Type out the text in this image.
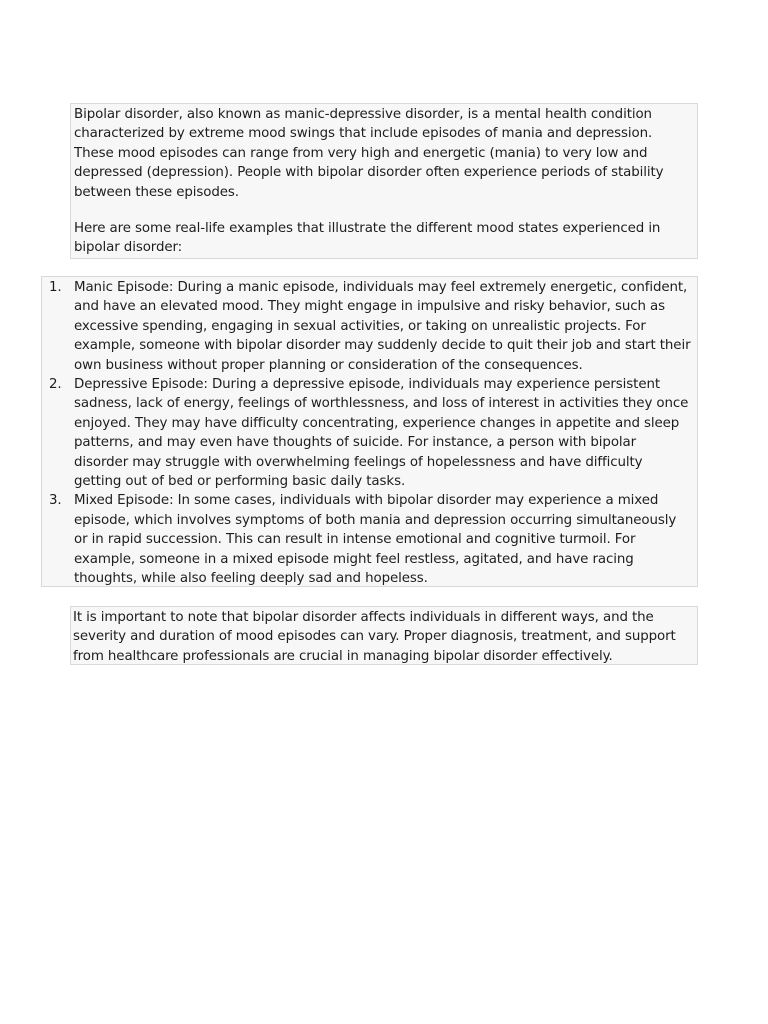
Bipolar disorder, also known as manic-depressive disorder, is a mental health condition characterized by extreme mood swings that include episodes of mania and depression. These mood episodes can range from very high and energetic (mania) to very low and depressed (depression). People with bipolar disorder often experience periods of stability between these episodes.

Here are some real-life examples that illustrate the different mood states experienced in bipolar disorder:

1. Manic Episode: During a manic episode, individuals may feel extremely energetic, confident, and have an elevated mood. They might engage in impulsive and risky behavior, such as excessive spending, engaging in sexual activities, or taking on unrealistic projects. For example, someone with bipolar disorder may suddenly decide to quit their job and start their own business without proper planning or consideration of the consequences.
2. Depressive Episode: During a depressive episode, individuals may experience persistent sadness, lack of energy, feelings of worthlessness, and loss of interest in activities they once enjoyed. They may have difficulty concentrating, experience changes in appetite and sleep patterns, and may even have thoughts of suicide. For instance, a person with bipolar disorder may struggle with overwhelming feelings of hopelessness and have difficulty getting out of bed or performing basic daily tasks.
3. Mixed Episode: In some cases, individuals with bipolar disorder may experience a mixed episode, which involves symptoms of both mania and depression occurring simultaneously or in rapid succession. This can result in intense emotional and cognitive turmoil. For example, someone in a mixed episode might feel restless, agitated, and have racing thoughts, while also feeling deeply sad and hopeless.

It is important to note that bipolar disorder affects individuals in different ways, and the severity and duration of mood episodes can vary. Proper diagnosis, treatment, and support from healthcare professionals are crucial in managing bipolar disorder effectively.
